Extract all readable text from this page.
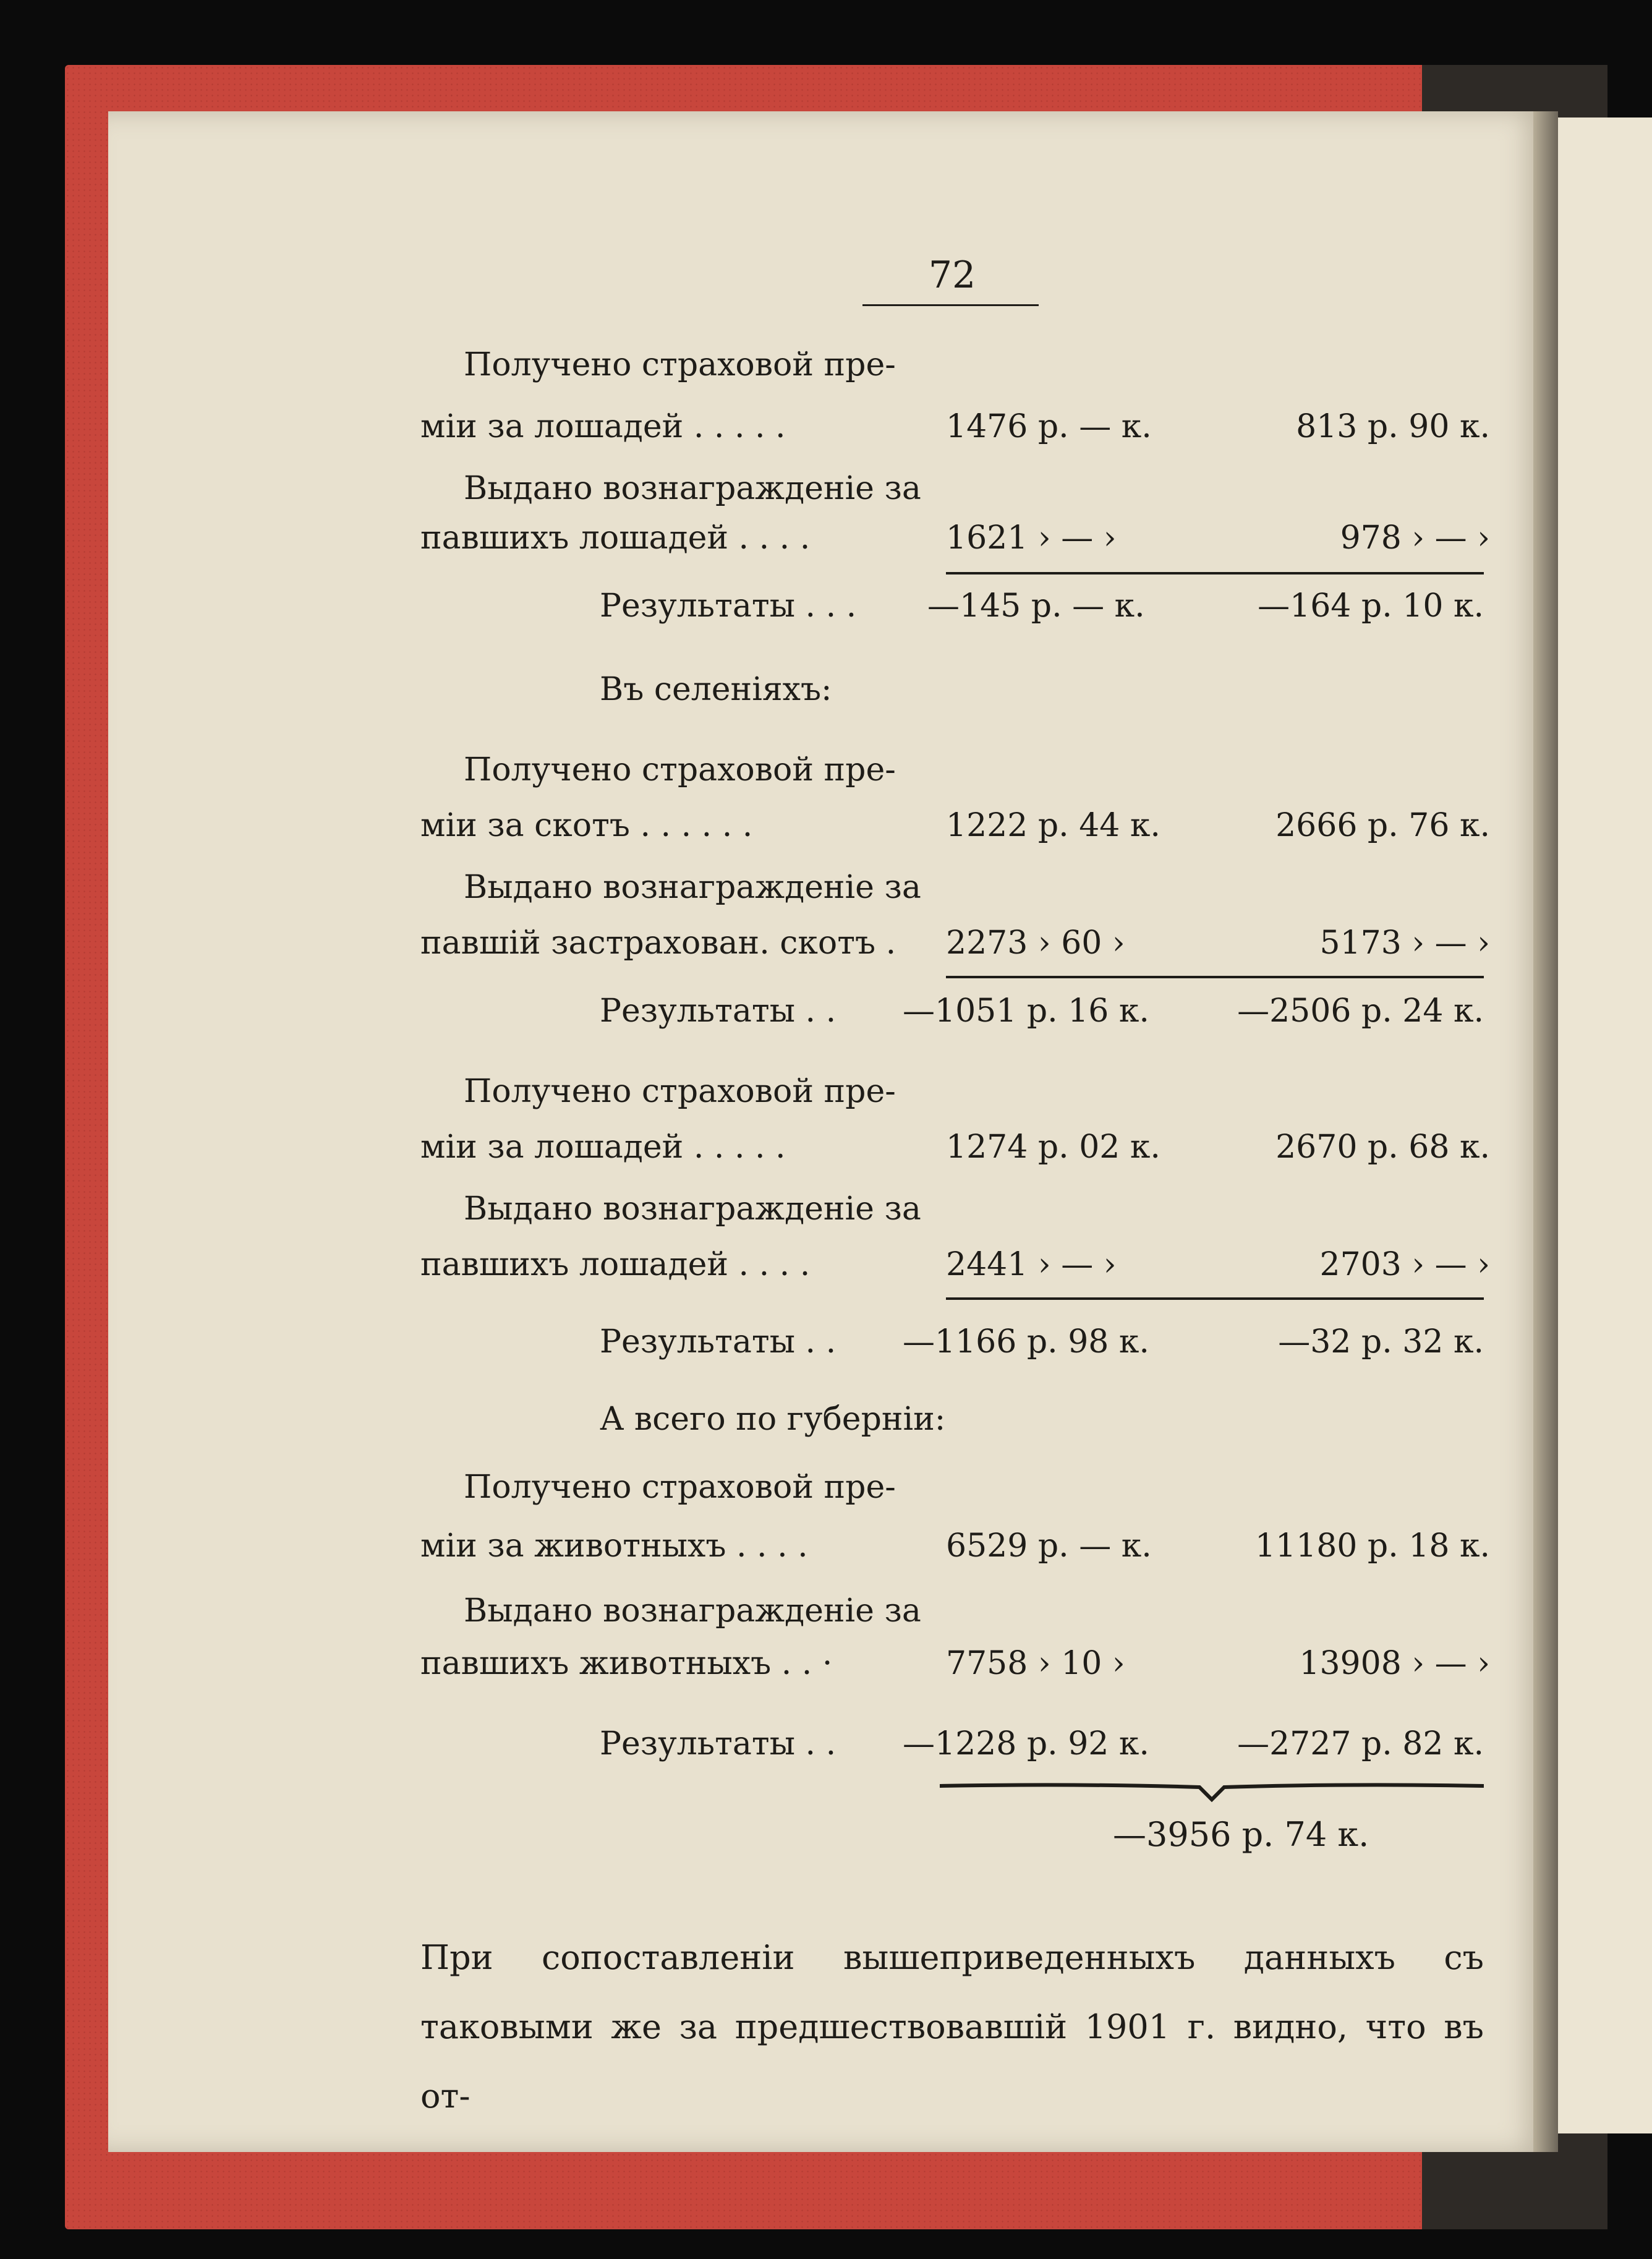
72
Получено страховой пре-
міи за лошадей . . . . .	1476 р. — к.	813 р. 90 к.
Выдано вознагражденіе за
павшихъ лошадей . . . .	1621 › — ›	978 › — ›
Результаты . . . —145 р. — к.	—164 р. 10 к.
Въ селеніяхъ:
Получено страховой пре-
міи за скотъ . . . . . .	1222 р. 44 к.	2666 р. 76 к.
Выдано вознагражденіе за
павшій застрахован. скотъ . 2273 › 60 ›	5173 › — ›
Результаты . . —1051 р. 16 к.	—2506 р. 24 к.
Получено страховой пре-
міи за лошадей . . . . .	1274 р. 02 к.	2670 р. 68 к.
Выдано вознагражденіе за
павшихъ лошадей . . . .	2441 › — ›	2703 › — ›
Результаты . . —1166 р. 98 к.	—32 р. 32 к.
А всего по губерніи:
Получено страховой пре-
міи за животныхъ . . . .	6529 р. — к.	11180 р. 18 к.
Выдано вознагражденіе за
павшихъ животныхъ . . ·	7758 › 10 ›	13908 › — ›
Результаты . . —1228 р. 92 к.	—2727 р. 82 к.
—3956 р. 74 к.
При сопоставленіи вышеприведенныхъ данныхъ съ таковыми же за предшествовавшій 1901 г. видно, что въ от-
